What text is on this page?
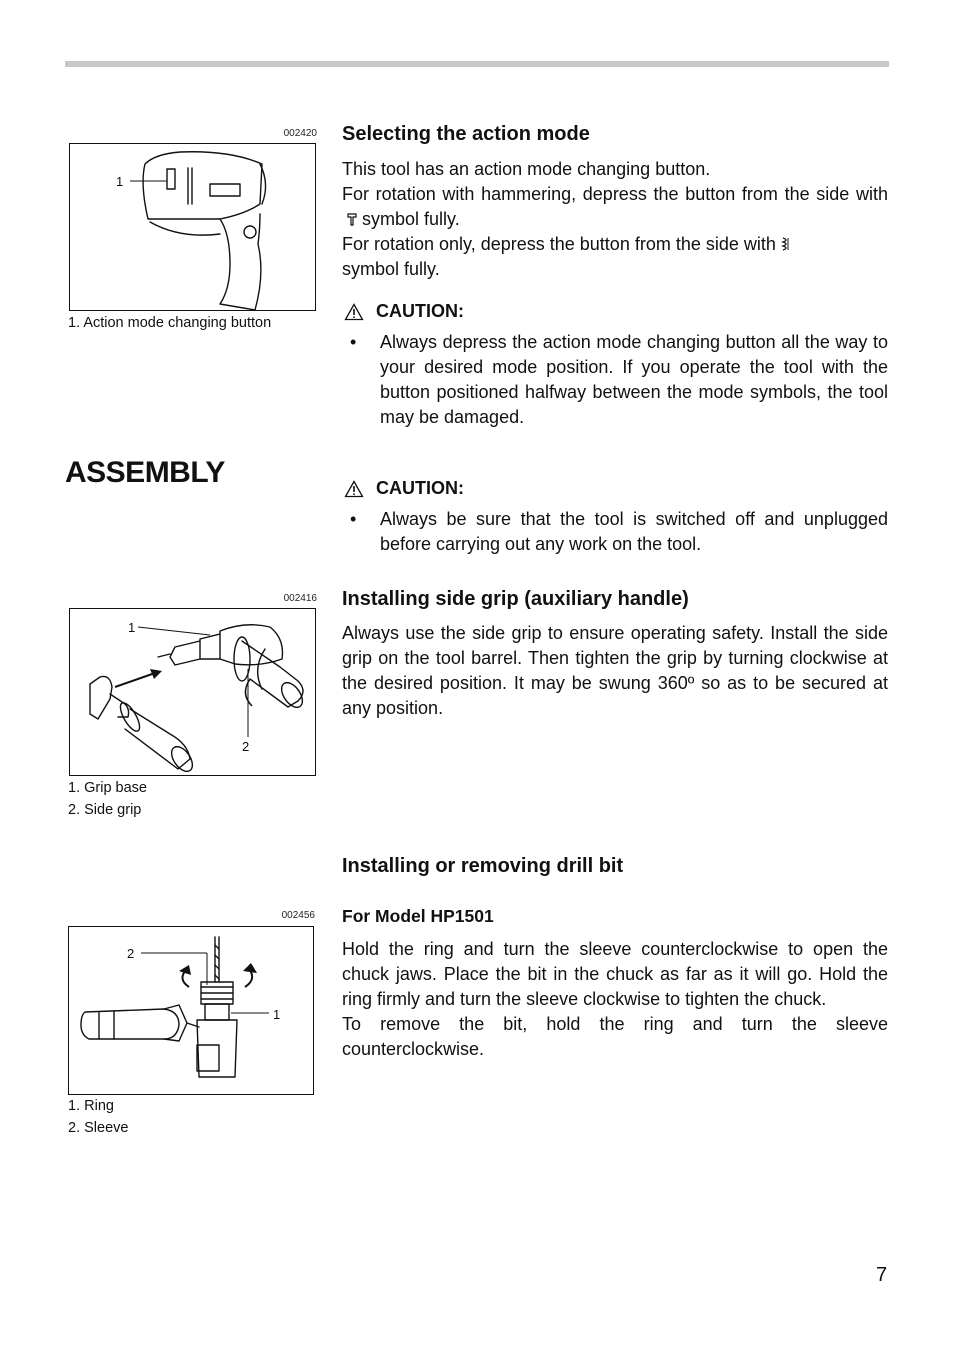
002420
1
1. Action mode changing button
Selecting the action mode

This tool has an action mode changing button.

For rotation with hammering, depress the button from the side withsymbol fully.

For rotation only, depress the button from the side with
symbol fully.

CAUTION:
•	Always depress the action mode changing button all the way to your desired mode position. If you operate the tool with the button positioned halfway between the mode symbols, the tool may be damaged.
ASSEMBLY	CAUTION:
•	Always be sure that the tool is switched off and unplugged before carrying out any work on the tool.
002416
1
2
1. Grip base
2. Side grip
Installing side grip (auxiliary handle)
Always use the side grip to ensure operating safety. Install the side grip on the tool barrel. Then tighten the grip by turning clockwise at the desired position. It may be swung 360º so as to be secured at any position.
Installing or removing drill bit
For Model HP1501
002456
2
1
1. Ring
2. Sleeve

Hold the ring and turn the sleeve counterclockwise to open the chuck jaws. Place the bit in the chuck as far as it will go. Hold the ring firmly and turn the sleeve clockwise to tighten the chuck.

To remove the bit, hold the ring and turn the sleeve counterclockwise.

7
